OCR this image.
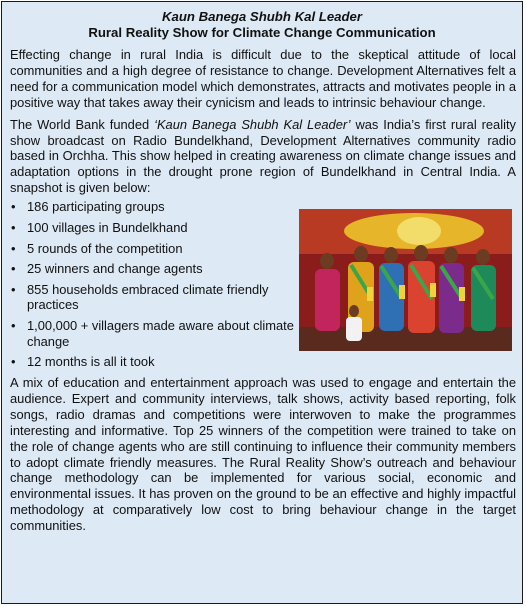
Kaun Banega Shubh Kal Leader
Rural Reality Show for Climate Change Communication

Effecting change in rural India is difficult due to the skeptical attitude of local communities and a high degree of resistance to change. Development Alternatives felt a need for a communication model which demonstrates, attracts and motivates people in a positive way that takes away their cynicism and leads to intrinsic behaviour change.

The World Bank funded ‘Kaun Banega Shubh Kal Leader’ was India’s first rural reality show broadcast on Radio Bundelkhand, Development Alternatives community radio based in Orchha. This show helped in creating awareness on climate change issues and adaptation options in the drought prone region of Bundelkhand in Central India. A snapshot is given below:

• 186 participating groups
• 100 villages in Bundelkhand
• 5 rounds of the competition
• 25 winners and change agents
• 855 households embraced climate friendly practices
• 1,00,000 + villagers made aware about climate change
• 12 months is all it took

A mix of education and entertainment approach was used to engage and entertain the audience. Expert and community interviews, talk shows, activity based reporting, folk songs, radio dramas and competitions were interwoven to make the programmes interesting and informative. Top 25 winners of the competition were trained to take on the role of change agents who are still continuing to influence their community members to adopt climate friendly measures. The Rural Reality Show’s outreach and behaviour change methodology can be implemented for various social, economic and environmental issues. It has proven on the ground to be an effective and highly impactful methodology at comparatively low cost to bring behaviour change in the target communities.
